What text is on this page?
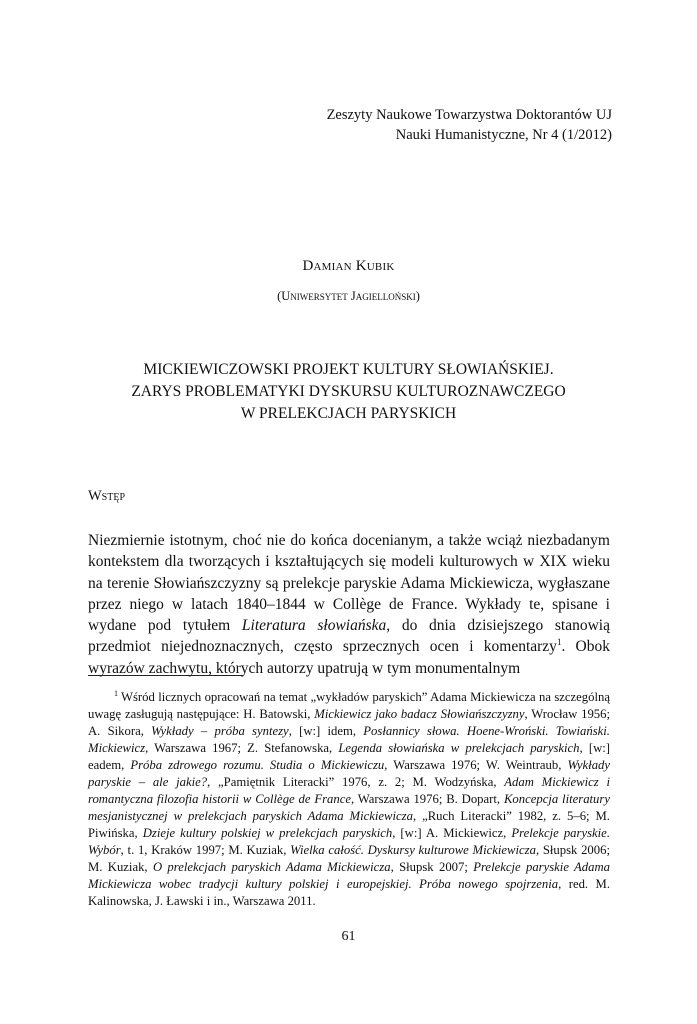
Zeszyty Naukowe Towarzystwa Doktorantów UJ
Nauki Humanistyczne, Nr 4 (1/2012)
Damian Kubik
(Uniwersytet Jagielloński)
MICKIEWICZOWSKI PROJEKT KULTURY SŁOWIAŃSKIEJ.
ZARYS PROBLEMATYKI DYSKURSU KULTUROZNAWCZEGO
W PRELEKCJACH PARYSKICH
Wstęp
Niezmiernie istotnym, choć nie do końca docenianym, a także wciąż niezbadanym kontekstem dla tworzących i kształtujących się modeli kulturowych w XIX wieku na terenie Słowiańszczyzny są prelekcje paryskie Adama Mickiewicza, wygłaszane przez niego w latach 1840–1844 w Collège de France. Wykłady te, spisane i wydane pod tytułem Literatura słowiańska, do dnia dzisiejszego stanowią przedmiot niejednoznacznych, często sprzecznych ocen i komentarzy$^1$. Obok wyrazów zachwytu, których autorzy upatrują w tym monumentalnym
$^1$ Wśród licznych opracowań na temat „wykładów paryskich” Adama Mickiewicza na szczególną uwagę zasługują następujące: H. Batowski, Mickiewicz jako badacz Słowiańszczyzny, Wrocław 1956; A. Sikora, Wykłady – próba syntezy, [w:] idem, Posłannicy słowa. Hoene-Wroński. Towiański. Mickiewicz, Warszawa 1967; Z. Stefanowska, Legenda słowiańska w prelekcjach paryskich, [w:] eadem, Próba zdrowego rozumu. Studia o Mickiewiczu, Warszawa 1976; W. Weintraub, Wykłady paryskie – ale jakie?, „Pamiętnik Literacki” 1976, z. 2; M. Wodzyńska, Adam Mickiewicz i romantyczna filozofia historii w Collège de France, Warszawa 1976; B. Dopart, Koncepcja literatury mesjanistycznej w prelekcjach paryskich Adama Mickiewicza, „Ruch Literacki” 1982, z. 5–6; M. Piwińska, Dzieje kultury polskiej w prelekcjach paryskich, [w:] A. Mickiewicz, Prelekcje paryskie. Wybór, t. 1, Kraków 1997; M. Kuziak, Wielka całość. Dyskursy kulturowe Mickiewicza, Słupsk 2006; M. Kuziak, O prelekcjach paryskich Adama Mickiewicza, Słupsk 2007; Prelekcje paryskie Adama Mickiewicza wobec tradycji kultury polskiej i europejskiej. Próba nowego spojrzenia, red. M. Kalinowska, J. Ławski i in., Warszawa 2011.
61
